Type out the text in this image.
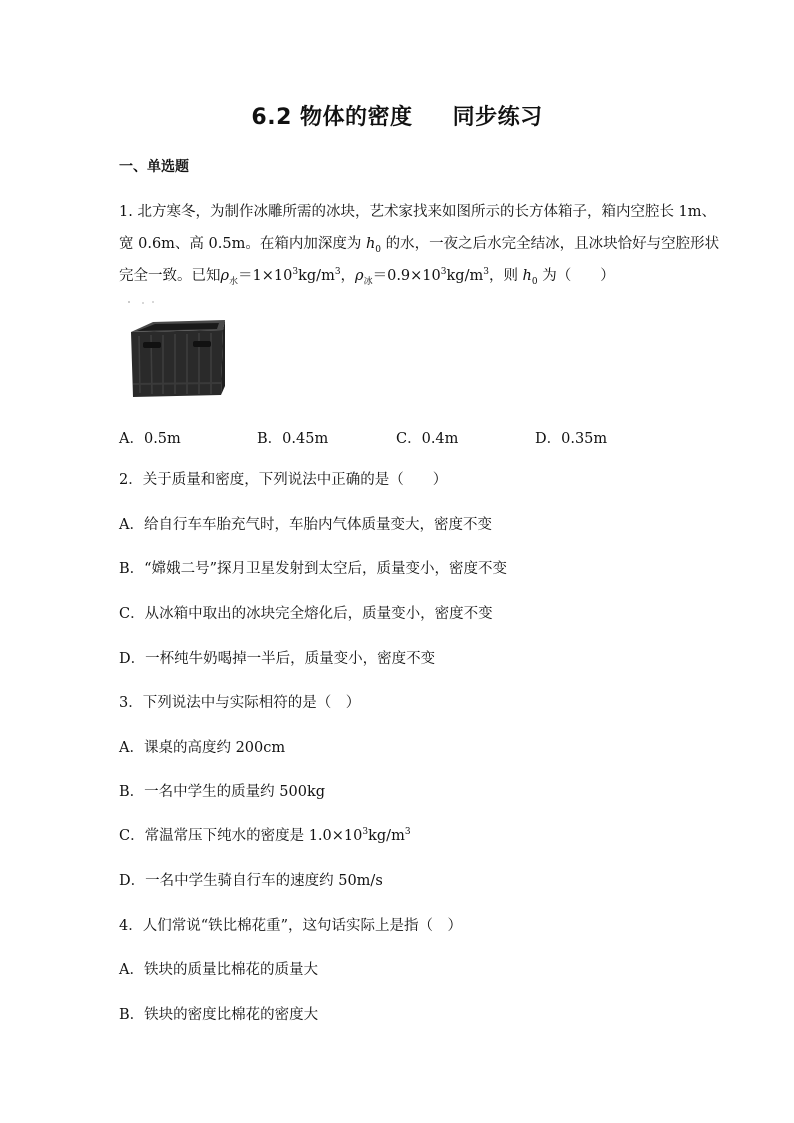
6.2 物体的密度 同步练习
一、单选题
1. 北方寒冬，为制作冰雕所需的冰块，艺术家找来如图所示的长方体箱子，箱内空腔长 1m、
宽 0.6m、高 0.5m。在箱内加深度为 $h_0$ 的水，一夜之后水完全结冰，且冰块恰好与空腔形状
完全一致。已知$\rho_水=1\times 10^3kg/m^3$，$\rho_冰=0.9\times 10^3kg/m^3$，则 $h_0$ 为（　　）
A．0.5m	B．0.45m	C．0.4m	D．0.35m
2．关于质量和密度，下列说法中正确的是（　　）
A．给自行车车胎充气时，车胎内气体质量变大，密度不变
B．“嫦娥二号”探月卫星发射到太空后，质量变小，密度不变
C．从冰箱中取出的冰块完全熔化后，质量变小，密度不变
D．一杯纯牛奶喝掉一半后，质量变小，密度不变
3．下列说法中与实际相符的是（　）
A．课桌的高度约 200cm
B．一名中学生的质量约 500kg
C．常温常压下纯水的密度是 $1.0\times 10^3kg/m^3$
D．一名中学生骑自行车的速度约 50m/s
4．人们常说“铁比棉花重”，这句话实际上是指（　）
A．铁块的质量比棉花的质量大
B．铁块的密度比棉花的密度大
